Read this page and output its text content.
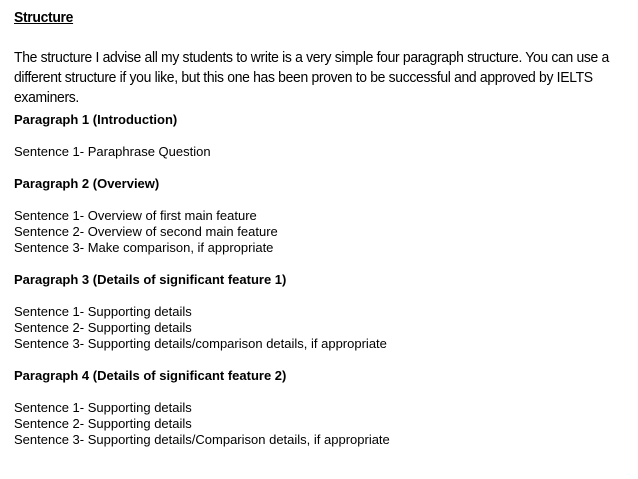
Structure

The structure I advise all my students to write is a very simple four paragraph structure. You can use a different structure if you like, but this one has been proven to be successful and approved by IELTS examiners.

Paragraph 1 (Introduction)

Sentence 1- Paraphrase Question

Paragraph 2 (Overview)

Sentence 1- Overview of first main feature

Sentence 2- Overview of second main feature

Sentence 3- Make comparison, if appropriate

Paragraph 3 (Details of significant feature 1)

Sentence 1- Supporting details

Sentence 2- Supporting details

Sentence 3- Supporting details/comparison details, if appropriate

Paragraph 4 (Details of significant feature 2)

Sentence 1- Supporting details

Sentence 2- Supporting details

Sentence 3- Supporting details/Comparison details, if appropriate
